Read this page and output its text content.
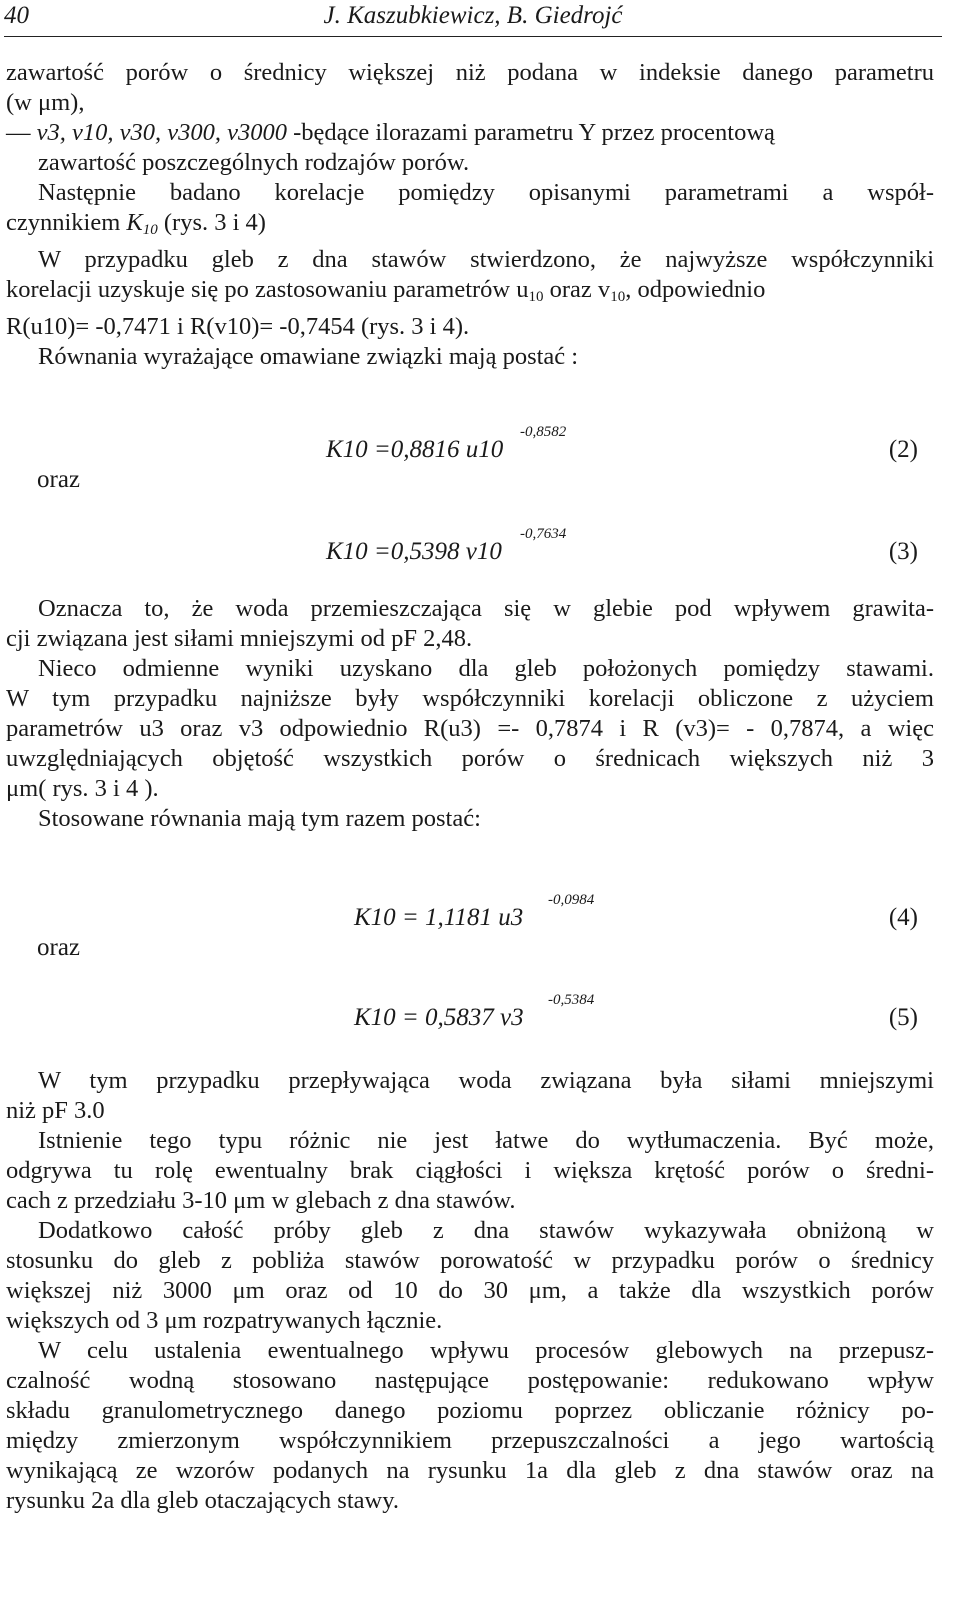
40	J. Kaszubkiewicz, B. Giedrojć
zawartość porów o średnicy większej niż podana w indeksie danego parametru
(w μm),
— v3, v10, v30, v300, v3000 -będące ilorazami parametru Y przez procentową
zawartość poszczególnych rodzajów porów.
Następnie badano korelacje pomiędzy opisanymi parametrami a współ-
czynnikiem $K_{10}$ (rys. 3 i 4)
W przypadku gleb z dna stawów stwierdzono, że najwyższe współczynniki
korelacji uzyskuje się po zastosowaniu parametrów $u_{10}$ oraz $v_{10}$, odpowiednio
R(u10)= -0,7471 i R(v10)= -0,7454 (rys. 3 i 4).
Równania wyrażające omawiane związki mają postać :
K10 =0,8816 u10
-0,8582
(2)
oraz
K10 =0,5398 v10
-0,7634
(3)
Oznacza to, że woda przemieszczająca się w glebie pod wpływem grawita-
cji związana jest siłami mniejszymi od pF 2,48.
Nieco odmienne wyniki uzyskano dla gleb położonych pomiędzy stawami.
W tym przypadku najniższe były współczynniki korelacji obliczone z użyciem
parametrów u3 oraz v3 odpowiednio R(u3) =- 0,7874 i R (v3)= - 0,7874, a więc
uwzględniających objętość wszystkich porów o średnicach większych niż 3
μm( rys. 3 i 4 ).
Stosowane równania mają tym razem postać:
K10 = 1,1181 u3
-0,0984
(4)
oraz
K10 = 0,5837 v3
-0,5384
(5)
W tym przypadku przepływająca woda związana była siłami mniejszymi
niż pF 3.0
Istnienie tego typu różnic nie jest łatwe do wytłumaczenia. Być może,
odgrywa tu rolę ewentualny brak ciągłości i większa krętość porów o średni-
cach z przedziału 3-10 μm w glebach z dna stawów.
Dodatkowo całość próby gleb z dna stawów wykazywała obniżoną w
stosunku do gleb z pobliża stawów porowatość w przypadku porów o średnicy
większej niż 3000 μm oraz od 10 do 30 μm, a także dla wszystkich porów
większych od 3 μm rozpatrywanych łącznie.
W celu ustalenia ewentualnego wpływu procesów glebowych na przepusz-
czalność wodną stosowano następujące postępowanie: redukowano wpływ
składu granulometrycznego danego poziomu poprzez obliczanie różnicy po-
między zmierzonym współczynnikiem przepuszczalności a jego wartością
wynikającą ze wzorów podanych na rysunku 1a dla gleb z dna stawów oraz na
rysunku 2a dla gleb otaczających stawy.
